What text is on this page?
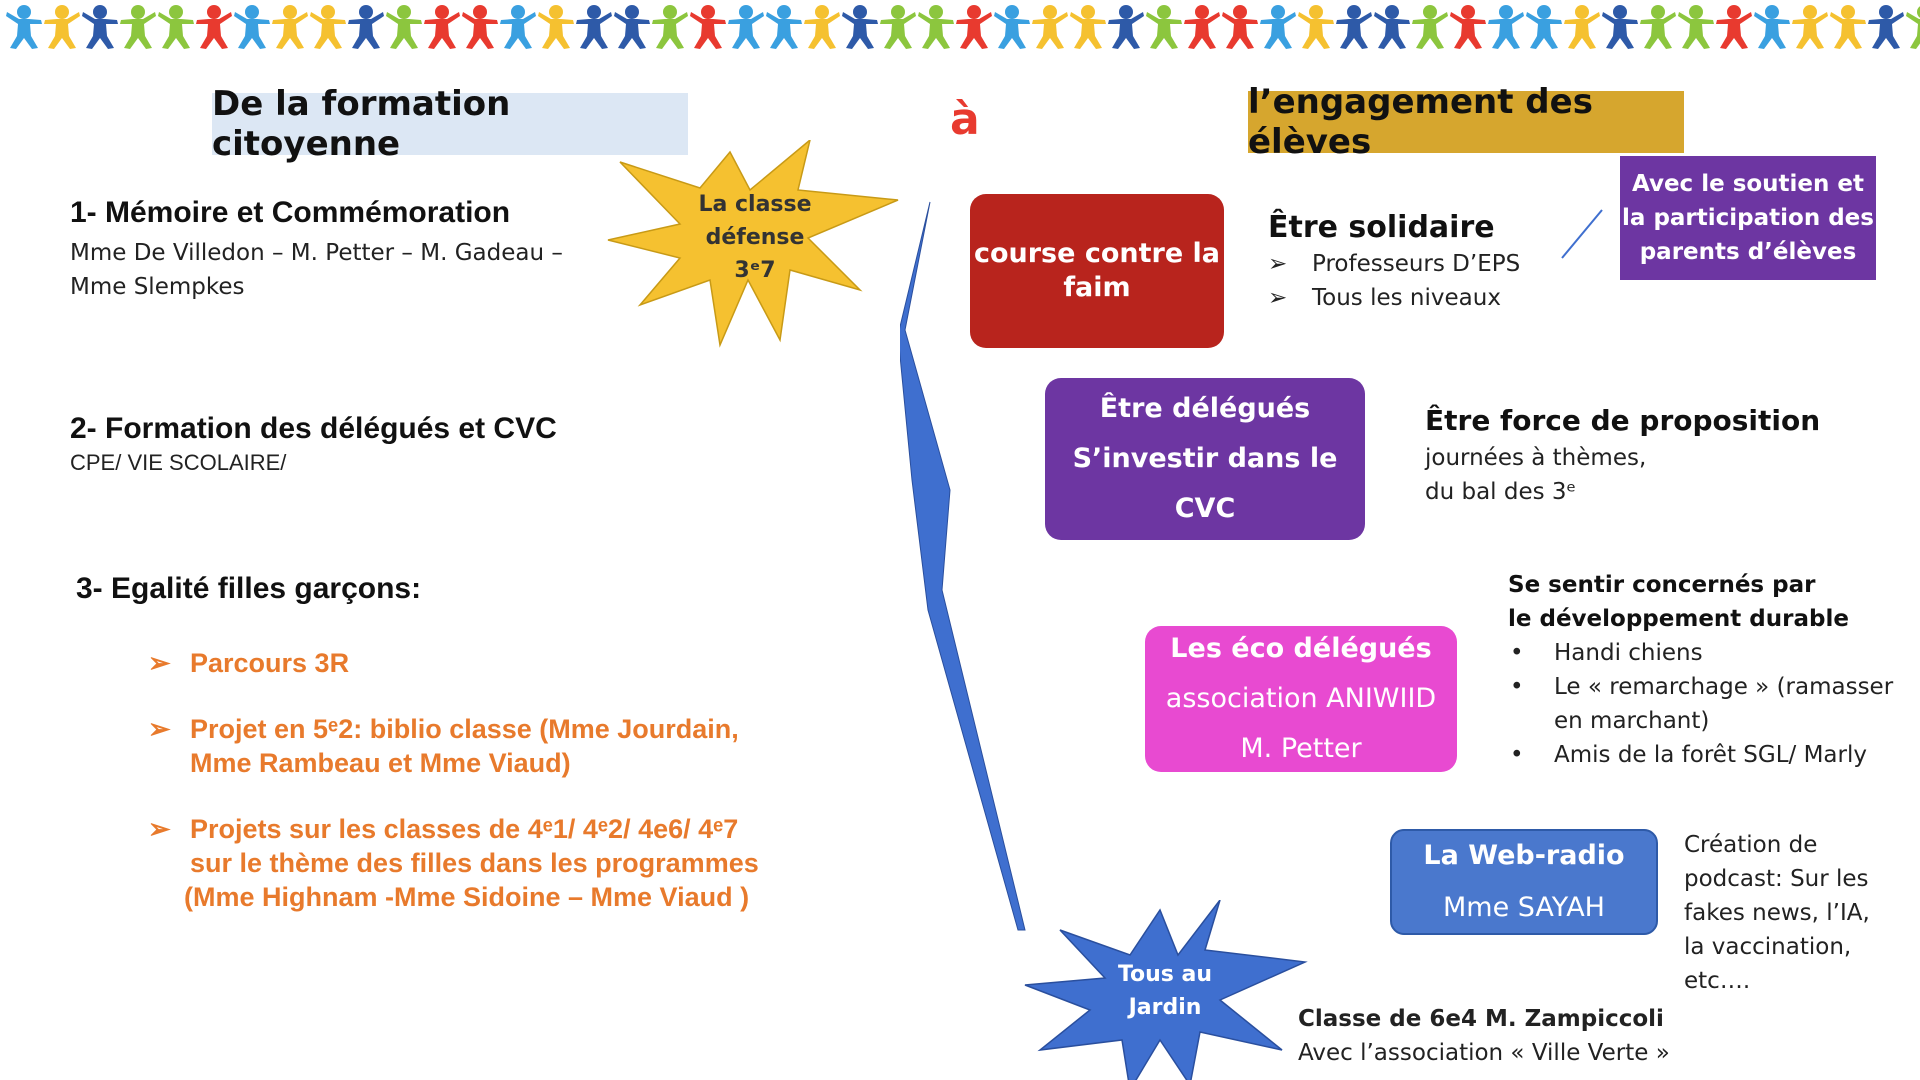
De la formation citoyenne	à	l’engagement des élèves
1- Mémoire et Commémoration
Mme De Villedon – M. Petter – M. Gadeau –
Mme Slempkes
2- Formation des délégués et CVC
CPE/ VIE SCOLAIRE/
3- Egalité filles garçons:
➢ Parcours 3R
➢ Projet en 5ᵉ2: biblio classe (Mme Jourdain,
Mme Rambeau et Mme Viaud)
➢ Projets sur les classes de 4ᵉ1/ 4ᵉ2/ 4e6/ 4ᵉ7
sur le thème des filles dans les programmes
(Mme Highnam -Mme Sidoine – Mme Viaud )
La classe
défense
3ᵉ7
Tous au
Jardin
course contre la
faim
Être solidaire
➢ Professeurs D’EPS
➢ Tous les niveaux
Avec le soutien et
la participation des
parents d’élèves
Être délégués
S’investir dans le CVC
Être force de proposition
journées à thèmes,
du bal des 3ᵉ
Se sentir concernés par
le développement durable
• Handi chiens
• Le « remarchage » (ramasser
en marchant)
• Amis de la forêt SGL/ Marly
Les éco délégués
association ANIWIID
M. Petter
La Web-radio
Mme SAYAH
Création de
podcast: Sur les
fakes news, l’IA,
la vaccination,
etc….
Classe de 6e4 M. Zampiccoli
Avec l’association « Ville Verte »
